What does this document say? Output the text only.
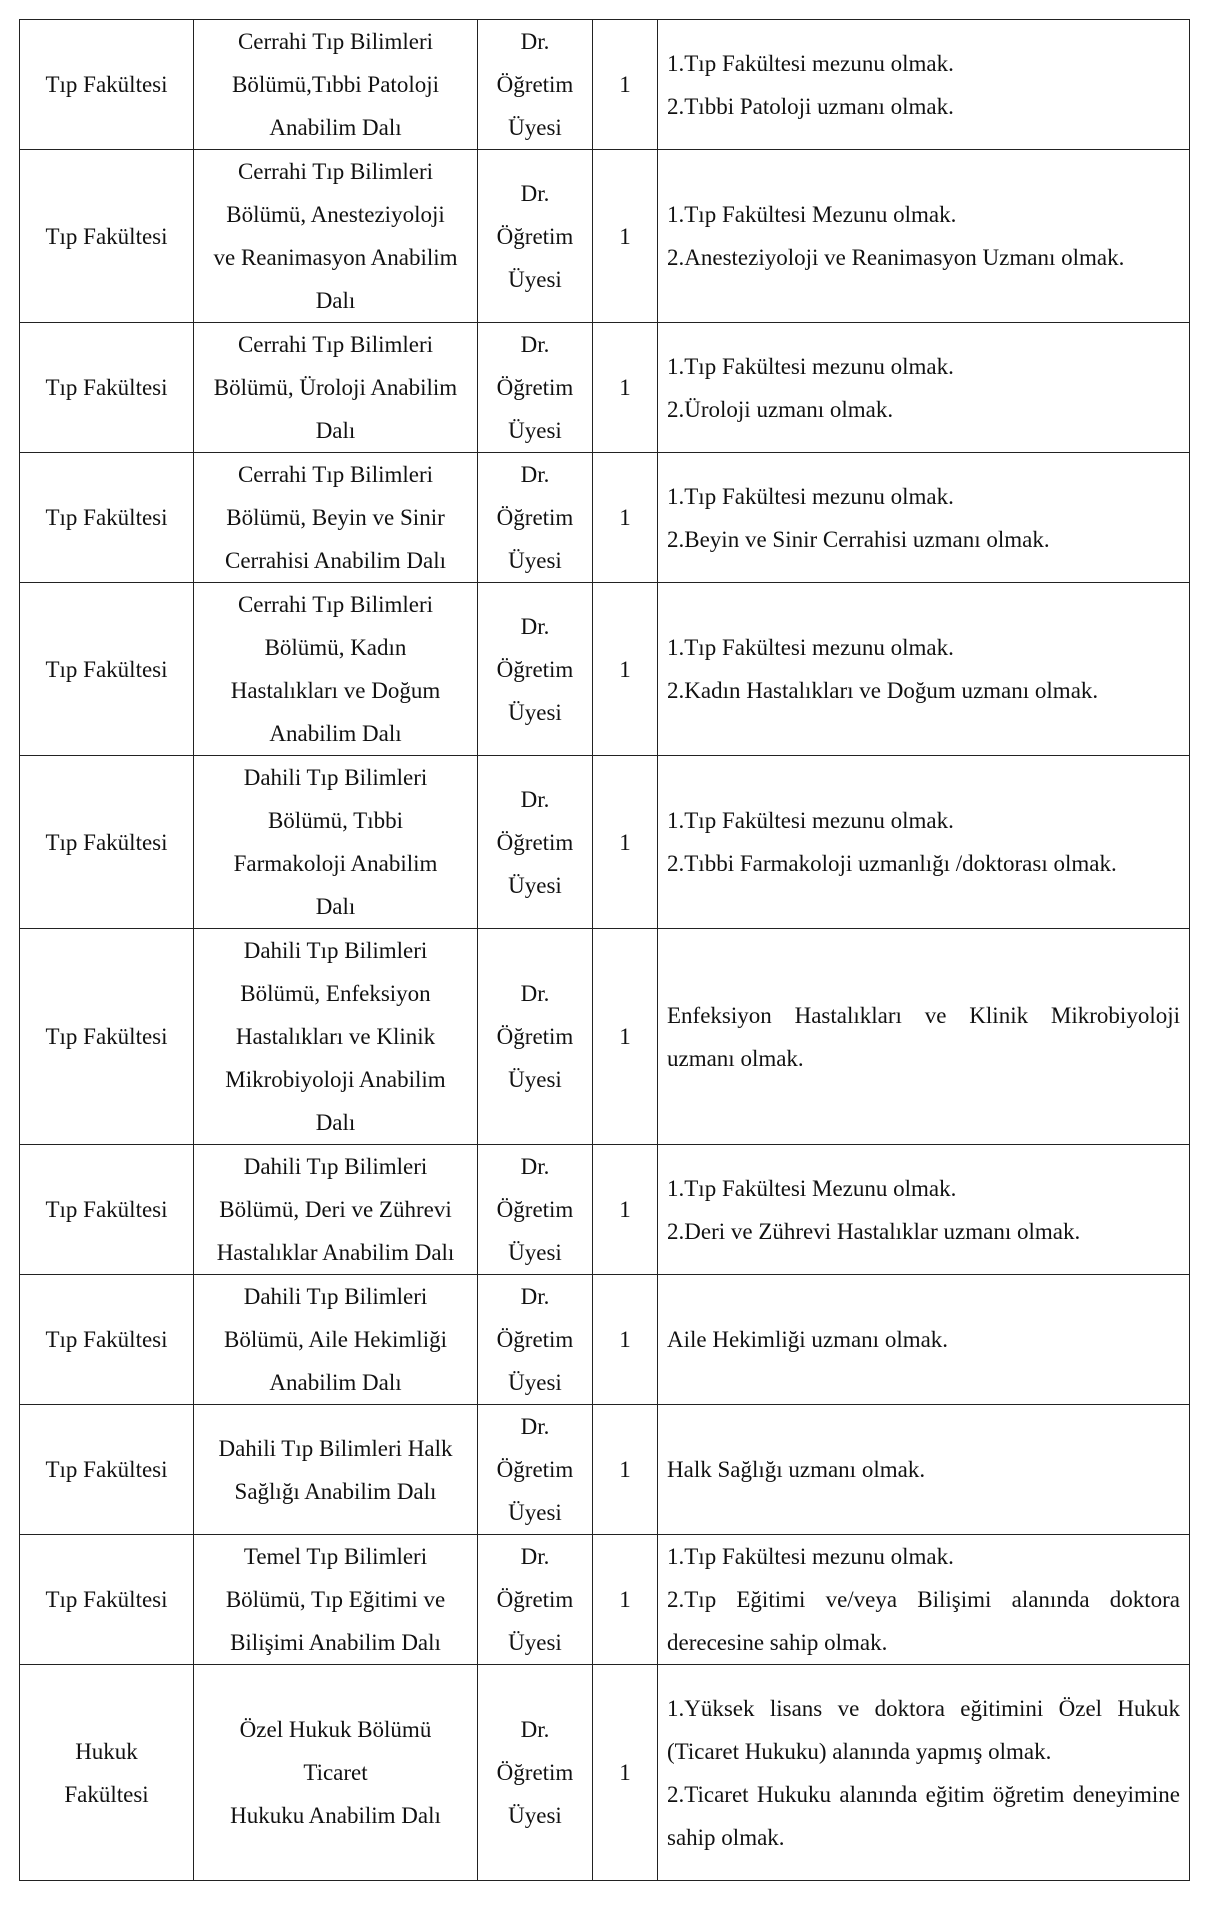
Tıp Fakültesi	Cerrahi Tıp Bilimleri
Bölümü,Tıbbi Patoloji
Anabilim Dalı	Dr.
Öğretim
Üyesi	1	1.Tıp Fakültesi mezunu olmak.
2.Tıbbi Patoloji uzmanı olmak.

Tıp Fakültesi	Cerrahi Tıp Bilimleri
Bölümü, Anesteziyoloji
ve Reanimasyon Anabilim
Dalı	Dr.
Öğretim
Üyesi	1	1.Tıp Fakültesi Mezunu olmak.
2.Anesteziyoloji ve Reanimasyon Uzmanı olmak.

Tıp Fakültesi	Cerrahi Tıp Bilimleri
Bölümü, Üroloji Anabilim
Dalı	Dr.
Öğretim
Üyesi	1	1.Tıp Fakültesi mezunu olmak.
2.Üroloji uzmanı olmak.

Tıp Fakültesi	Cerrahi Tıp Bilimleri
Bölümü, Beyin ve Sinir
Cerrahisi Anabilim Dalı	Dr.
Öğretim
Üyesi	1	1.Tıp Fakültesi mezunu olmak.
2.Beyin ve Sinir Cerrahisi uzmanı olmak.

Tıp Fakültesi	Cerrahi Tıp Bilimleri
Bölümü, Kadın
Hastalıkları ve Doğum
Anabilim Dalı	Dr.
Öğretim
Üyesi	1	1.Tıp Fakültesi mezunu olmak.
2.Kadın Hastalıkları ve Doğum uzmanı olmak.

Tıp Fakültesi	Dahili Tıp Bilimleri
Bölümü, Tıbbi
Farmakoloji Anabilim
Dalı	Dr.
Öğretim
Üyesi	1	1.Tıp Fakültesi mezunu olmak.
2.Tıbbi Farmakoloji uzmanlığı /doktorası olmak.

Tıp Fakültesi	Dahili Tıp Bilimleri
Bölümü, Enfeksiyon
Hastalıkları ve Klinik
Mikrobiyoloji Anabilim
Dalı	Dr.
Öğretim
Üyesi	1	Enfeksiyon Hastalıkları ve Klinik Mikrobiyoloji uzmanı olmak.

Tıp Fakültesi	Dahili Tıp Bilimleri
Bölümü, Deri ve Zührevi
Hastalıklar Anabilim Dalı	Dr.
Öğretim
Üyesi	1	1.Tıp Fakültesi Mezunu olmak.
2.Deri ve Zührevi Hastalıklar uzmanı olmak.

Tıp Fakültesi	Dahili Tıp Bilimleri
Bölümü, Aile Hekimliği
Anabilim Dalı	Dr.
Öğretim
Üyesi	1	Aile Hekimliği uzmanı olmak.

Tıp Fakültesi	Dahili Tıp Bilimleri Halk
Sağlığı Anabilim Dalı	Dr.
Öğretim
Üyesi	1	Halk Sağlığı uzmanı olmak.

Tıp Fakültesi	Temel Tıp Bilimleri
Bölümü, Tıp Eğitimi ve
Bilişimi Anabilim Dalı	Dr.
Öğretim
Üyesi	1	1.Tıp Fakültesi mezunu olmak.
2.Tıp Eğitimi ve/veya Bilişimi alanında doktora derecesine sahip olmak.

Hukuk
Fakültesi	Özel Hukuk Bölümü
Ticaret
Hukuku Anabilim Dalı	Dr.
Öğretim
Üyesi	1	1.Yüksek lisans ve doktora eğitimini Özel Hukuk (Ticaret Hukuku) alanında yapmış olmak.
2.Ticaret Hukuku alanında eğitim öğretim deneyimine sahip olmak.
